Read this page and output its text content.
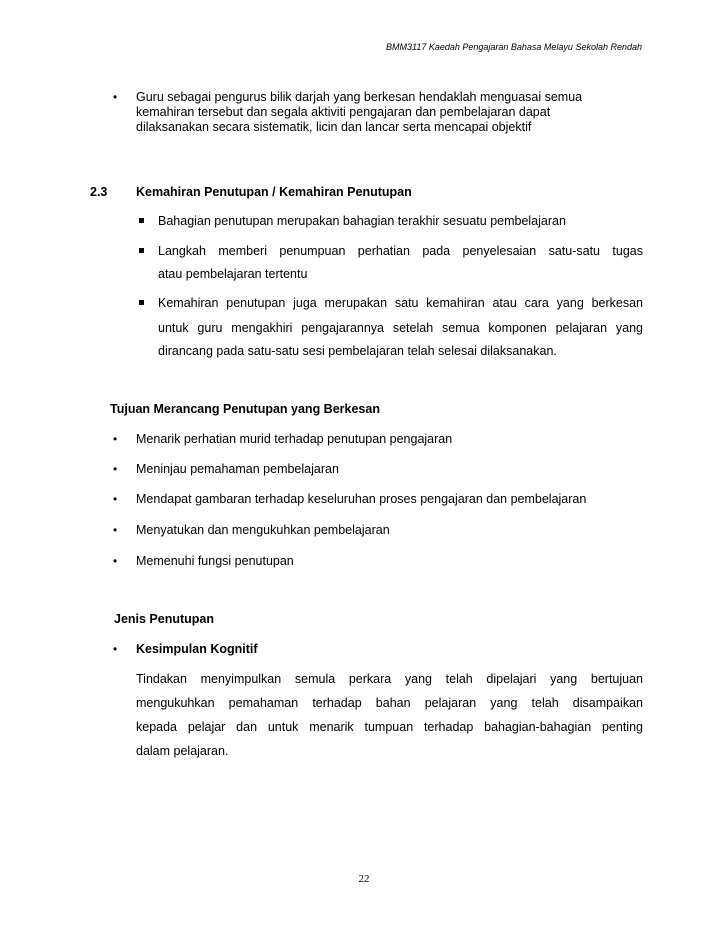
BMM3117 Kaedah Pengajaran Bahasa Melayu Sekolah Rendah
• Guru sebagai pengurus bilik darjah yang berkesan hendaklah menguasai semua
kemahiran tersebut dan segala aktiviti pengajaran dan pembelajaran dapat
dilaksanakan secara sistematik, licin dan lancar serta mencapai objektif
2.3 Kemahiran Penutupan / Kemahiran Penutupan
Bahagian penutupan merupakan bahagian terakhir sesuatu pembelajaran
Langkah memberi penumpuan perhatian pada penyelesaian satu-satu tugas
atau pembelajaran tertentu
Kemahiran penutupan juga merupakan satu kemahiran atau cara yang berkesan
untuk guru mengakhiri pengajarannya setelah semua komponen pelajaran yang
dirancang pada satu-satu sesi pembelajaran telah selesai dilaksanakan.
Tujuan Merancang Penutupan yang Berkesan
• Menarik perhatian murid terhadap penutupan pengajaran
• Meninjau pemahaman pembelajaran
• Mendapat gambaran terhadap keseluruhan proses pengajaran dan pembelajaran
• Menyatukan dan mengukuhkan pembelajaran
• Memenuhi fungsi penutupan
Jenis Penutupan
• Kesimpulan Kognitif
Tindakan menyimpulkan semula perkara yang telah dipelajari yang bertujuan
mengukuhkan pemahaman terhadap bahan pelajaran yang telah disampaikan
kepada pelajar dan untuk menarik tumpuan terhadap bahagian-bahagian penting
dalam pelajaran.
22
